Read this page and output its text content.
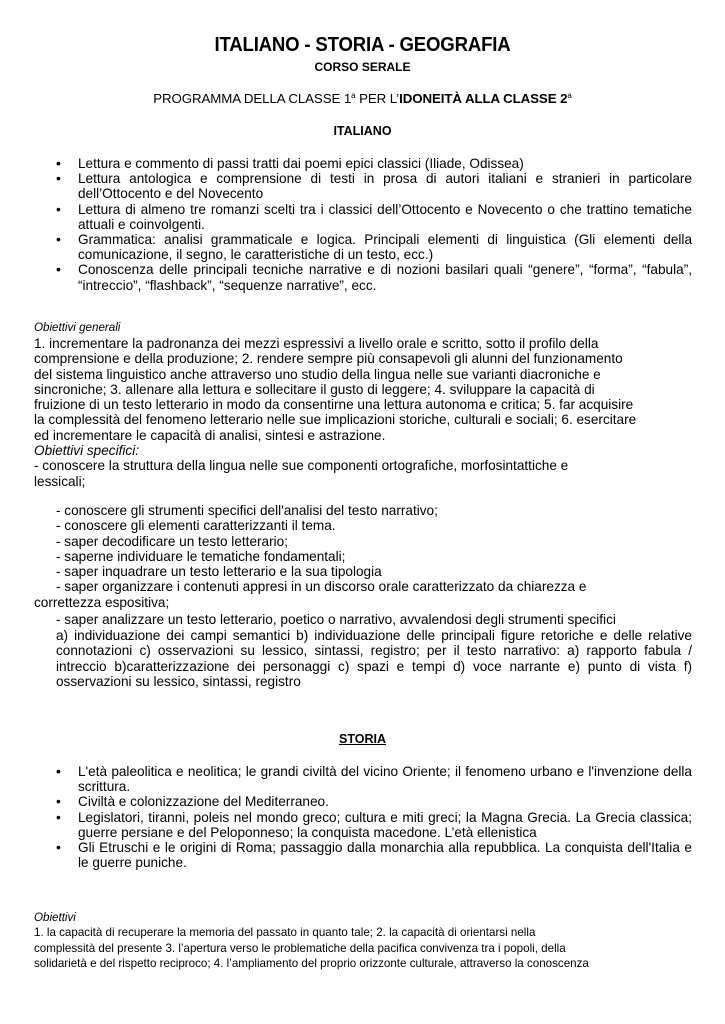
ITALIANO - STORIA - GEOGRAFIA
CORSO SERALE
PROGRAMMA DELLA CLASSE 1$^a$ PER L’IDONEITÀ ALLA CLASSE 2$^a$
ITALIANO
• Lettura e commento di passi tratti dai poemi epici classici (Iliade, Odissea)
• Lettura antologica e comprensione di testi in prosa di autori italiani e stranieri in particolare dell’Ottocento e del Novecento
• Lettura di almeno tre romanzi scelti tra i classici dell’Ottocento e Novecento o che trattino tematiche attuali e coinvolgenti.
• Grammatica: analisi grammaticale e logica. Principali elementi di linguistica (Gli elementi della comunicazione, il segno, le caratteristiche di un testo, ecc.)
• Conoscenza delle principali tecniche narrative e di nozioni basilari quali “genere”, “forma”, “fabula”, “intreccio”, “flashback”, “sequenze narrative”, ecc.
Obiettivi generali
1. incrementare la padronanza dei mezzi espressivi a livello orale e scritto, sotto il profilo della
comprensione e della produzione; 2. rendere sempre più consapevoli gli alunni del funzionamento
del sistema linguistico anche attraverso uno studio della lingua nelle sue varianti diacroniche e
sincroniche; 3. allenare alla lettura e sollecitare il gusto di leggere; 4. sviluppare la capacità di
fruizione di un testo letterario in modo da consentirne una lettura autonoma e critica; 5. far acquisire
la complessità del fenomeno letterario nelle sue implicazioni storiche, culturali e sociali; 6. esercitare
ed incrementare le capacità di analisi, sintesi e astrazione.
Obiettivi specifici:
- conoscere la struttura della lingua nelle sue componenti ortografiche, morfosintattiche e
lessicali;
- conoscere gli strumenti specifici dell'analisi del testo narrativo;
- conoscere gli elementi caratterizzanti il tema.
- saper decodificare un testo letterario;
- saperne individuare le tematiche fondamentali;
- saper inquadrare un testo letterario e la sua tipologia
- saper organizzare i contenuti appresi in un discorso orale caratterizzato da chiarezza e
correttezza espositiva;
- saper analizzare un testo letterario, poetico o narrativo, avvalendosi degli strumenti specifici
a) individuazione dei campi semantici b) individuazione delle principali figure retoriche e delle relative connotazioni c) osservazioni su lessico, sintassi, registro; per il testo narrativo: a) rapporto fabula / intreccio b)caratterizzazione dei personaggi c) spazi e tempi d) voce narrante e) punto di vista f) osservazioni su lessico, sintassi, registro
STORIA
• L'età paleolitica e neolitica; le grandi civiltà del vicino Oriente; il fenomeno urbano e l'invenzione della scrittura.
• Civiltà e colonizzazione del Mediterraneo.
• Legislatori, tiranni, poleis nel mondo greco; cultura e miti greci; la Magna Grecia. La Grecia classica; guerre persiane e del Peloponneso; la conquista macedone. L’età ellenistica
• Gli Etruschi e le origini di Roma; passaggio dalla monarchia alla repubblica. La conquista dell'Italia e le guerre puniche.
Obiettivi
1. la capacità di recuperare la memoria del passato in quanto tale; 2. la capacità di orientarsi nella
complessità del presente 3. l’apertura verso le problematiche della pacifica convivenza tra i popoli, della
solidarietà e del rispetto reciproco; 4. l’ampliamento del proprio orizzonte culturale, attraverso la conoscenza
